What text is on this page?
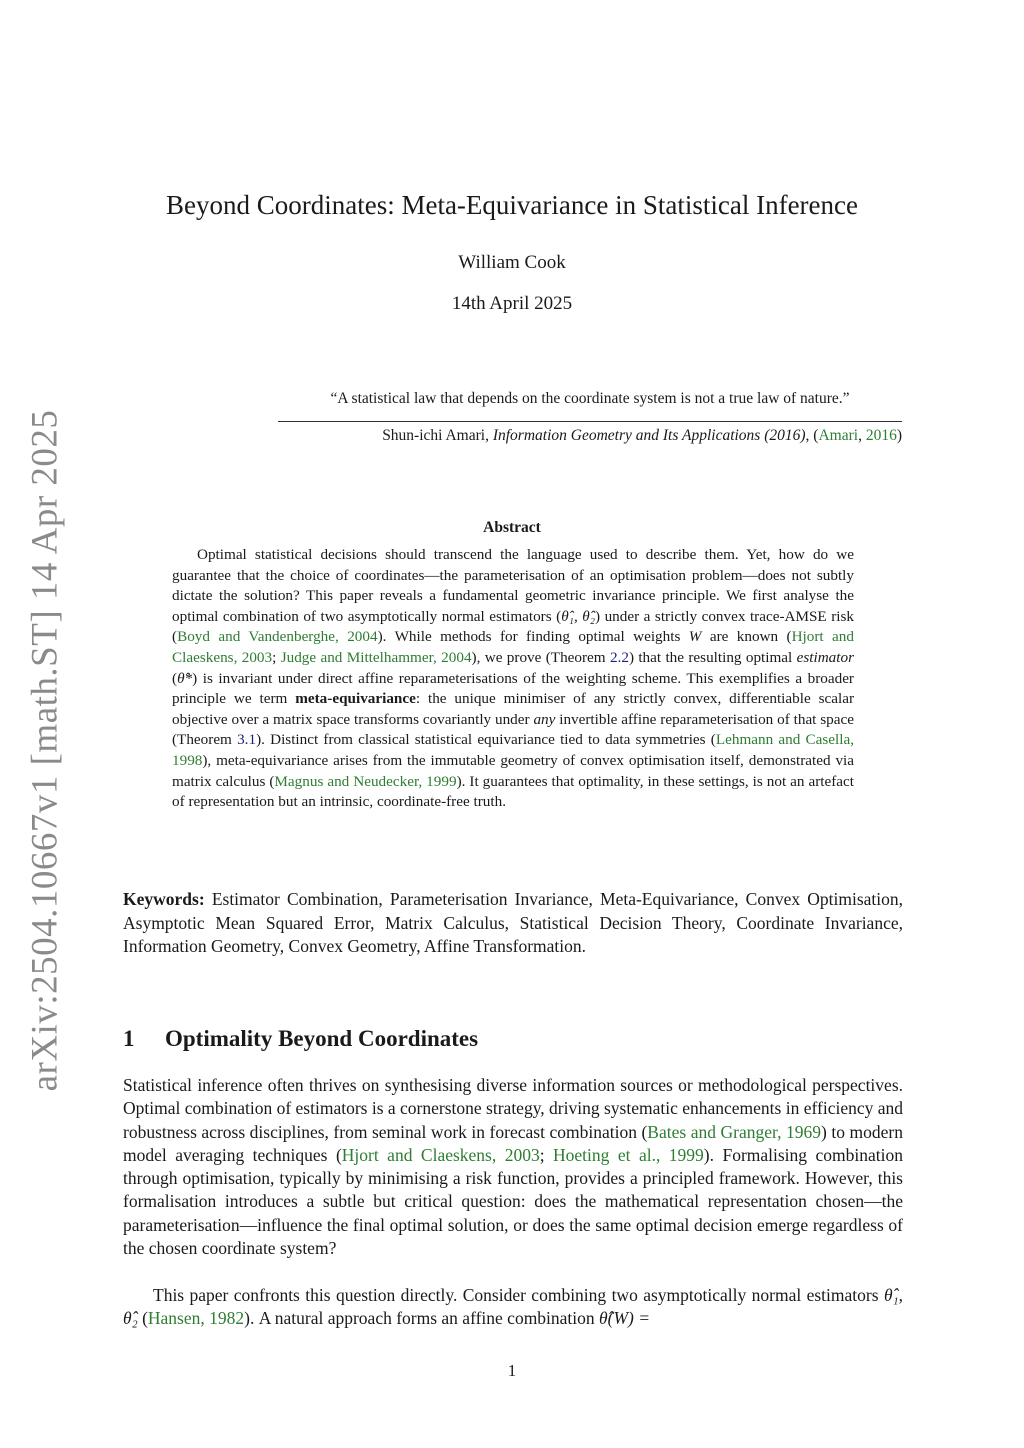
arXiv:2504.10667v1 [math.ST] 14 Apr 2025
Beyond Coordinates: Meta-Equivariance in Statistical Inference
William Cook
14th April 2025
“A statistical law that depends on the coordinate system is not a true law of nature.”
Shun-ichi Amari, Information Geometry and Its Applications (2016), (Amari, 2016)
Abstract
Optimal statistical decisions should transcend the language used to describe them. Yet, how do we guarantee that the choice of coordinates—the parameterisation of an optimisation problem—does not subtly dictate the solution? This paper reveals a fundamental geometric invariance principle. We first analyse the optimal combination of two asymptotically normal estimators (θ̂₁, θ̂₂) under a strictly convex trace-AMSE risk (Boyd and Vandenberghe, 2004). While methods for finding optimal weights W are known (Hjort and Claeskens, 2003; Judge and Mittelhammer, 2004), we prove (Theorem 2.2) that the resulting optimal estimator (θ̂*) is invariant under direct affine reparameterisations of the weighting scheme. This exemplifies a broader principle we term meta-equivariance: the unique minimiser of any strictly convex, differentiable scalar objective over a matrix space transforms covariantly under any invertible affine reparameterisation of that space (Theorem 3.1). Distinct from classical statistical equivariance tied to data symmetries (Lehmann and Casella, 1998), meta-equivariance arises from the immutable geometry of convex optimisation itself, demonstrated via matrix calculus (Magnus and Neudecker, 1999). It guarantees that optimality, in these settings, is not an artefact of representation but an intrinsic, coordinate-free truth.
Keywords: Estimator Combination, Parameterisation Invariance, Meta-Equivariance, Convex Optimisation, Asymptotic Mean Squared Error, Matrix Calculus, Statistical Decision Theory, Coordinate Invariance, Information Geometry, Convex Geometry, Affine Transformation.
1 Optimality Beyond Coordinates
Statistical inference often thrives on synthesising diverse information sources or methodological perspectives. Optimal combination of estimators is a cornerstone strategy, driving systematic enhancements in efficiency and robustness across disciplines, from seminal work in forecast combination (Bates and Granger, 1969) to modern model averaging techniques (Hjort and Claeskens, 2003; Hoeting et al., 1999). Formalising combination through optimisation, typically by minimising a risk function, provides a principled framework. However, this formalisation introduces a subtle but critical question: does the mathematical representation chosen—the parameterisation—influence the final optimal solution, or does the same optimal decision emerge regardless of the chosen coordinate system?
This paper confronts this question directly. Consider combining two asymptotically normal estimators θ̂₁, θ̂₂ (Hansen, 1982). A natural approach forms an affine combination θ̂(W) =
1
